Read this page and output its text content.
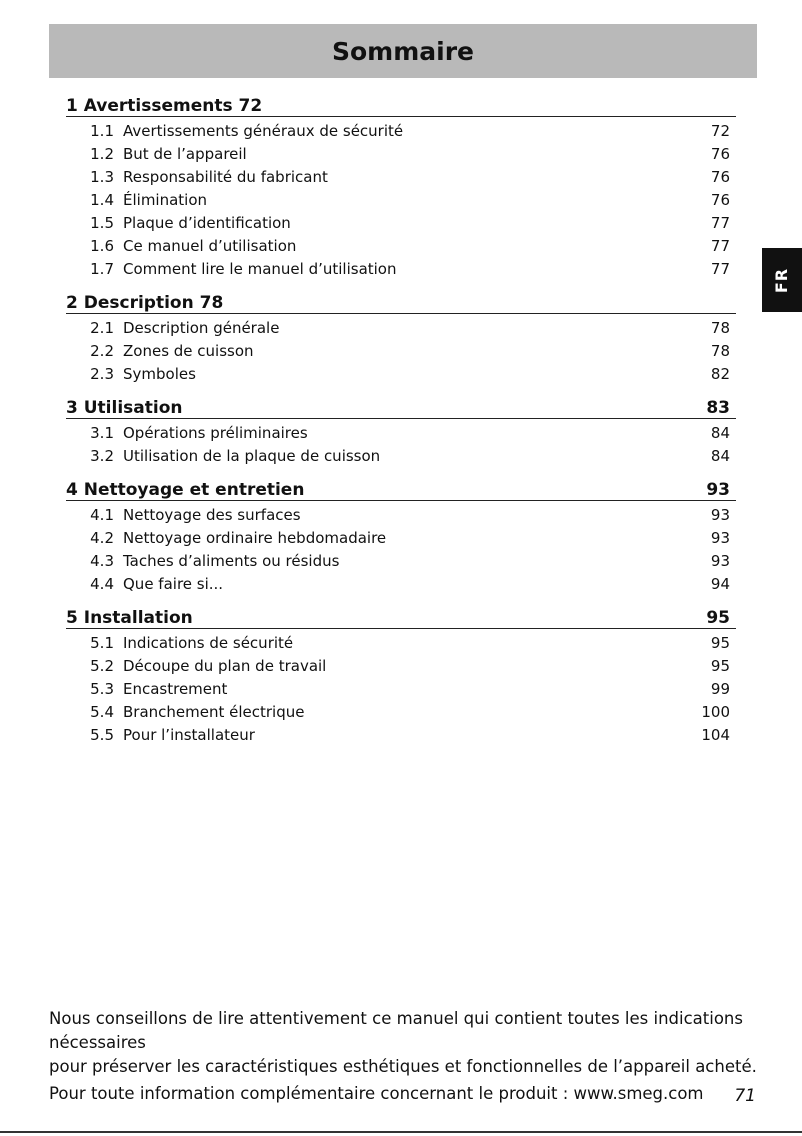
Sommaire
FR
1 Avertissements 72
1.1 Avertissements généraux de sécurité	72
1.2 But de l’appareil	76
1.3 Responsabilité du fabricant	76
1.4 Élimination	76
1.5 Plaque d’identification	77
1.6 Ce manuel d’utilisation	77
1.7 Comment lire le manuel d’utilisation	77
2 Description 78
2.1 Description générale	78
2.2 Zones de cuisson	78
2.3 Symboles	82
3 Utilisation	83
3.1 Opérations préliminaires	84
3.2 Utilisation de la plaque de cuisson	84
4 Nettoyage et entretien	93
4.1 Nettoyage des surfaces	93
4.2 Nettoyage ordinaire hebdomadaire	93
4.3 Taches d’aliments ou résidus	93
4.4 Que faire si...	94
5 Installation	95
5.1 Indications de sécurité	95
5.2 Découpe du plan de travail	95
5.3 Encastrement	99
5.4 Branchement électrique	100
5.5 Pour l’installateur	104

Nous conseillons de lire attentivement ce manuel qui contient toutes les indications nécessaires

pour préserver les caractéristiques esthétiques et fonctionnelles de l’appareil acheté.

Pour toute information complémentaire concernant le produit : www.smeg.com	71
